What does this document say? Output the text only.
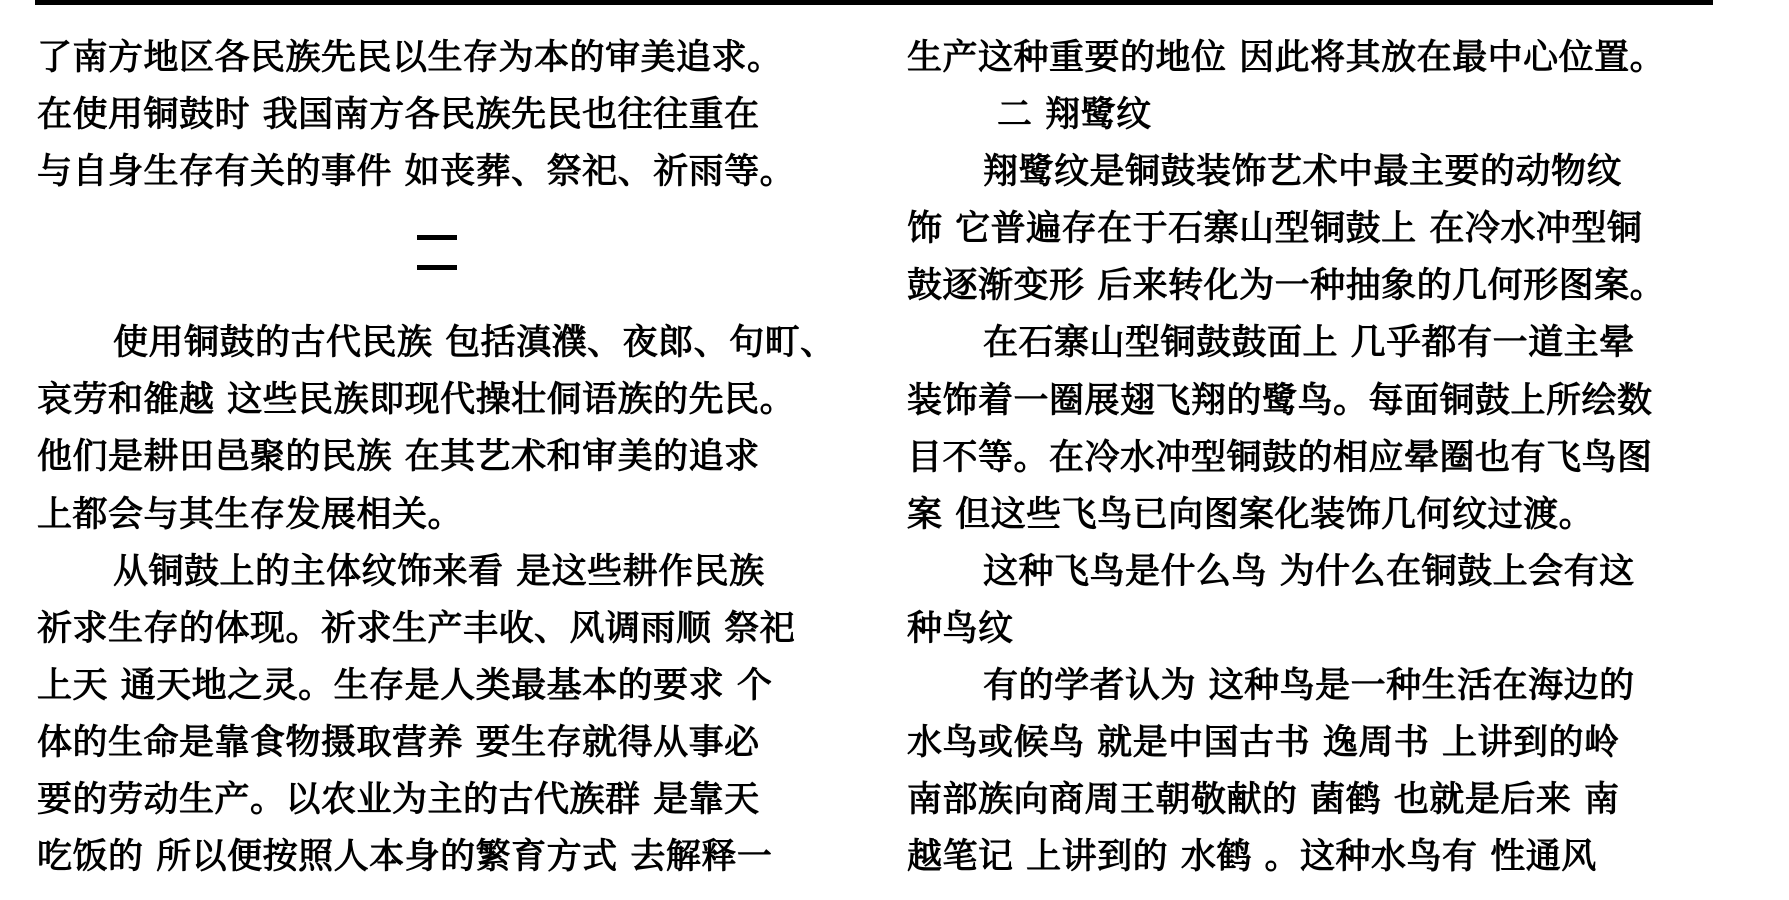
了南方地区各民族先民以生存为本的审美追求。
在使用铜鼓时 我国南方各民族先民也往往重在
与自身生存有关的事件 如丧葬、祭祀、祈雨等。
使用铜鼓的古代民族 包括滇濮、夜郎、句町、
哀劳和雒越 这些民族即现代操壮侗语族的先民。
他们是耕田邑聚的民族 在其艺术和审美的追求
上都会与其生存发展相关。
从铜鼓上的主体纹饰来看 是这些耕作民族
祈求生存的体现。祈求生产丰收、风调雨顺 祭祀
上天 通天地之灵。生存是人类最基本的要求 个
体的生命是靠食物摄取营养 要生存就得从事必
要的劳动生产。以农业为主的古代族群 是靠天
吃饭的 所以便按照人本身的繁育方式 去解释一
生产这种重要的地位 因此将其放在最中心位置。
二 翔鹭纹
翔鹭纹是铜鼓装饰艺术中最主要的动物纹
饰 它普遍存在于石寨山型铜鼓上 在冷水冲型铜
鼓逐渐变形 后来转化为一种抽象的几何形图案。
在石寨山型铜鼓鼓面上 几乎都有一道主晕
装饰着一圈展翅飞翔的鹭鸟。每面铜鼓上所绘数
目不等。在冷水冲型铜鼓的相应晕圈也有飞鸟图
案 但这些飞鸟已向图案化装饰几何纹过渡。
这种飞鸟是什么鸟 为什么在铜鼓上会有这
种鸟纹
有的学者认为 这种鸟是一种生活在海边的
水鸟或候鸟 就是中国古书 逸周书 上讲到的岭
南部族向商周王朝敬献的 菌鹤 也就是后来 南
越笔记 上讲到的 水鹤 。这种水鸟有 性通风
